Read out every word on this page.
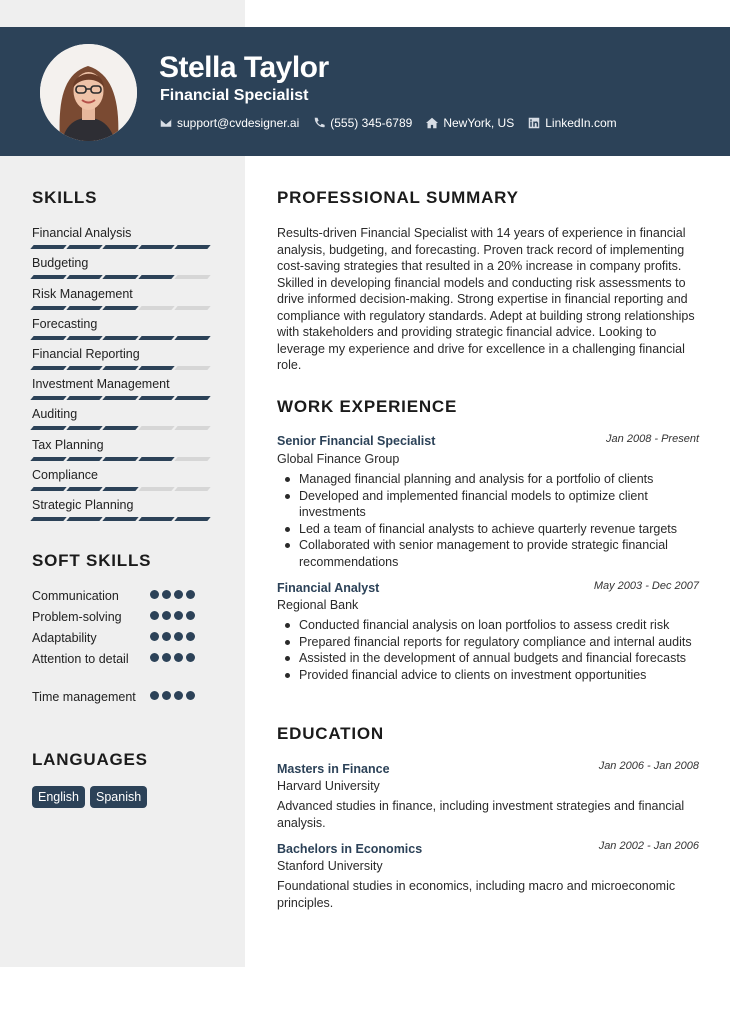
Stella Taylor
Financial Specialist
support@cvdesigner.ai	(555) 345-6789	NewYork, US	LinkedIn.com
SKILLS
Financial Analysis
Budgeting
Risk Management
Forecasting
Financial Reporting
Investment Management
Auditing
Tax Planning
Compliance
Strategic Planning
SOFT SKILLS
Communication
Problem-solving
Adaptability
Attention to detail
Time management
LANGUAGES
English	Spanish
PROFESSIONAL SUMMARY
Results-driven Financial Specialist with 14 years of experience in financial analysis, budgeting, and forecasting. Proven track record of implementing cost-saving strategies that resulted in a 20% increase in company profits. Skilled in developing financial models and conducting risk assessments to drive informed decision-making. Strong expertise in financial reporting and compliance with regulatory standards. Adept at building strong relationships with stakeholders and providing strategic financial advice. Looking to leverage my experience and drive for excellence in a challenging financial role.
WORK EXPERIENCE
Senior Financial Specialist	Jan 2008 - Present
Global Finance Group
Managed financial planning and analysis for a portfolio of clients
Developed and implemented financial models to optimize client investments
Led a team of financial analysts to achieve quarterly revenue targets
Collaborated with senior management to provide strategic financial recommendations
Financial Analyst	May 2003 - Dec 2007
Regional Bank
Conducted financial analysis on loan portfolios to assess credit risk
Prepared financial reports for regulatory compliance and internal audits
Assisted in the development of annual budgets and financial forecasts
Provided financial advice to clients on investment opportunities
EDUCATION
Masters in Finance	Jan 2006 - Jan 2008
Harvard University
Advanced studies in finance, including investment strategies and financial analysis.
Bachelors in Economics	Jan 2002 - Jan 2006
Stanford University
Foundational studies in economics, including macro and microeconomic principles.
